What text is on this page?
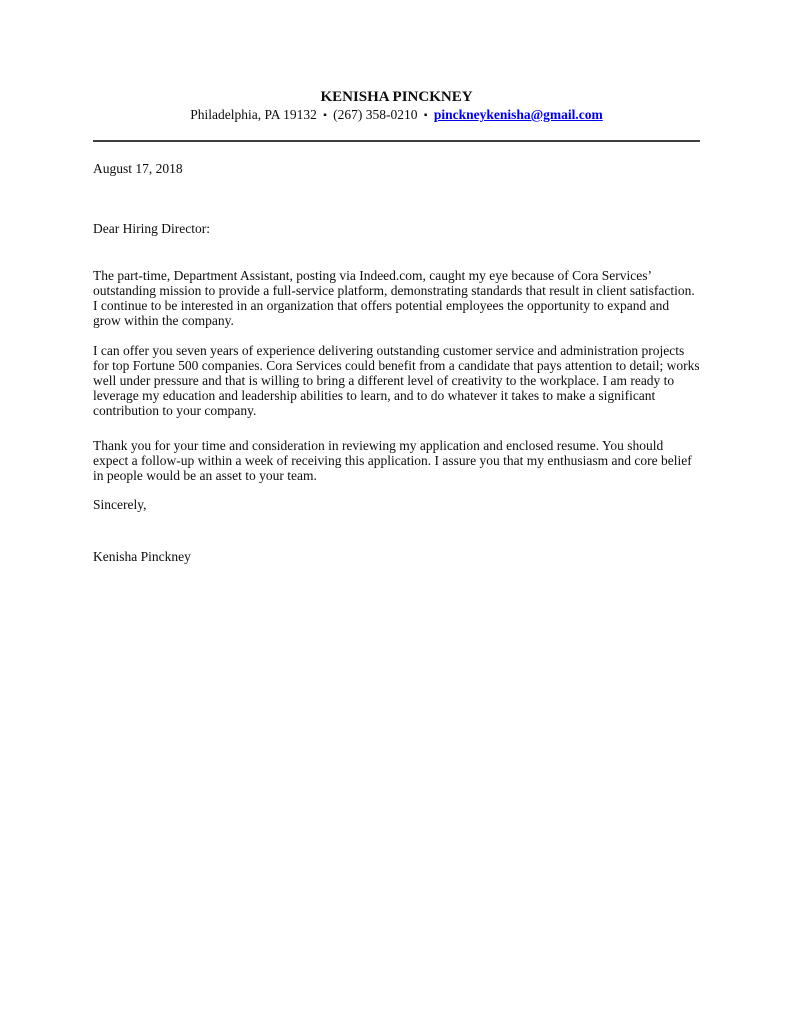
KENISHA PINCKNEY
Philadelphia, PA 19132 ▪ (267) 358-0210 ▪ pinckneykenisha@gmail.com

August 17, 2018

Dear Hiring Director:

The part-time, Department Assistant, posting via Indeed.com, caught my eye because of Cora Services’ outstanding mission to provide a full-service platform, demonstrating standards that result in client satisfaction. I continue to be interested in an organization that offers potential employees the opportunity to expand and grow within the company.

I can offer you seven years of experience delivering outstanding customer service and administration projects for top Fortune 500 companies. Cora Services could benefit from a candidate that pays attention to detail; works well under pressure and that is willing to bring a different level of creativity to the workplace. I am ready to leverage my education and leadership abilities to learn, and to do whatever it takes to make a significant contribution to your company.

Thank you for your time and consideration in reviewing my application and enclosed resume. You should expect a follow-up within a week of receiving this application. I assure you that my enthusiasm and core belief in people would be an asset to your team.

Sincerely,

Kenisha Pinckney
